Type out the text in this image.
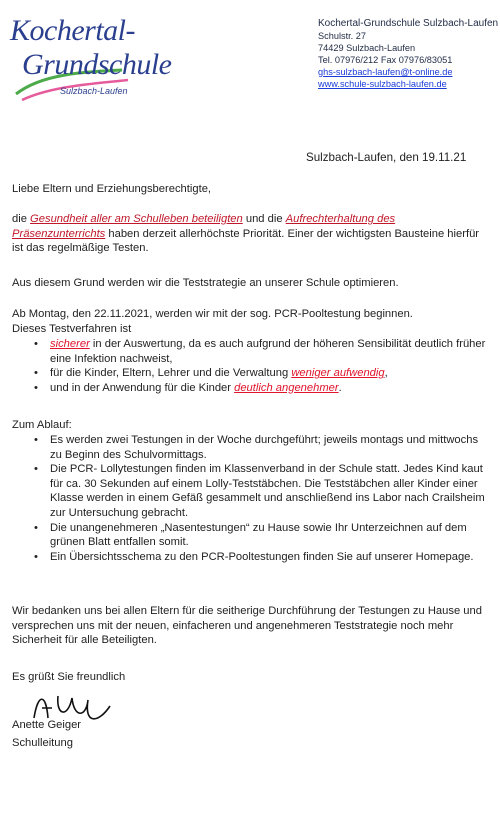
Kochertal-
Grundschule
Sulzbach-Laufen
Kochertal-Grundschule Sulzbach-Laufen
Schulstr. 27
74429 Sulzbach-Laufen
Tel. 07976/212 Fax 07976/83051
ghs-sulzbach-laufen@t-online.de
www.schule-sulzbach-laufen.de
Sulzbach-Laufen, den 19.11.21
Liebe Eltern und Erziehungsberechtigte,
die Gesundheit aller am Schulleben beteiligten und die Aufrechterhaltung des Präsenzunterrichts haben derzeit allerhöchste Priorität. Einer der wichtigsten Bausteine hierfür ist das regelmäßige Testen.
Aus diesem Grund werden wir die Teststrategie an unserer Schule optimieren.
Ab Montag, den 22.11.2021, werden wir mit der sog. PCR-Pooltestung beginnen.
Dieses Testverfahren ist
• sicherer in der Auswertung, da es auch aufgrund der höheren Sensibilität deutlich früher eine Infektion nachweist,
• für die Kinder, Eltern, Lehrer und die Verwaltung weniger aufwendig,
• und in der Anwendung für die Kinder deutlich angenehmer.
Zum Ablauf:
• Es werden zwei Testungen in der Woche durchgeführt; jeweils montags und mittwochs zu Beginn des Schulvormittags.
• Die PCR- Lollytestungen finden im Klassenverband in der Schule statt. Jedes Kind kaut für ca. 30 Sekunden auf einem Lolly-Teststäbchen. Die Teststäbchen aller Kinder einer Klasse werden in einem Gefäß gesammelt und anschließend ins Labor nach Crailsheim zur Untersuchung gebracht.
• Die unangenehmeren „Nasentestungen“ zu Hause sowie Ihr Unterzeichnen auf dem grünen Blatt entfallen somit.
• Ein Übersichtsschema zu den PCR-Pooltestungen finden Sie auf unserer Homepage.
Wir bedanken uns bei allen Eltern für die seitherige Durchführung der Testungen zu Hause und versprechen uns mit der neuen, einfacheren und angenehmeren Teststrategie noch mehr Sicherheit für alle Beteiligten.
Es grüßt Sie freundlich
Anette Geiger
Schulleitung
